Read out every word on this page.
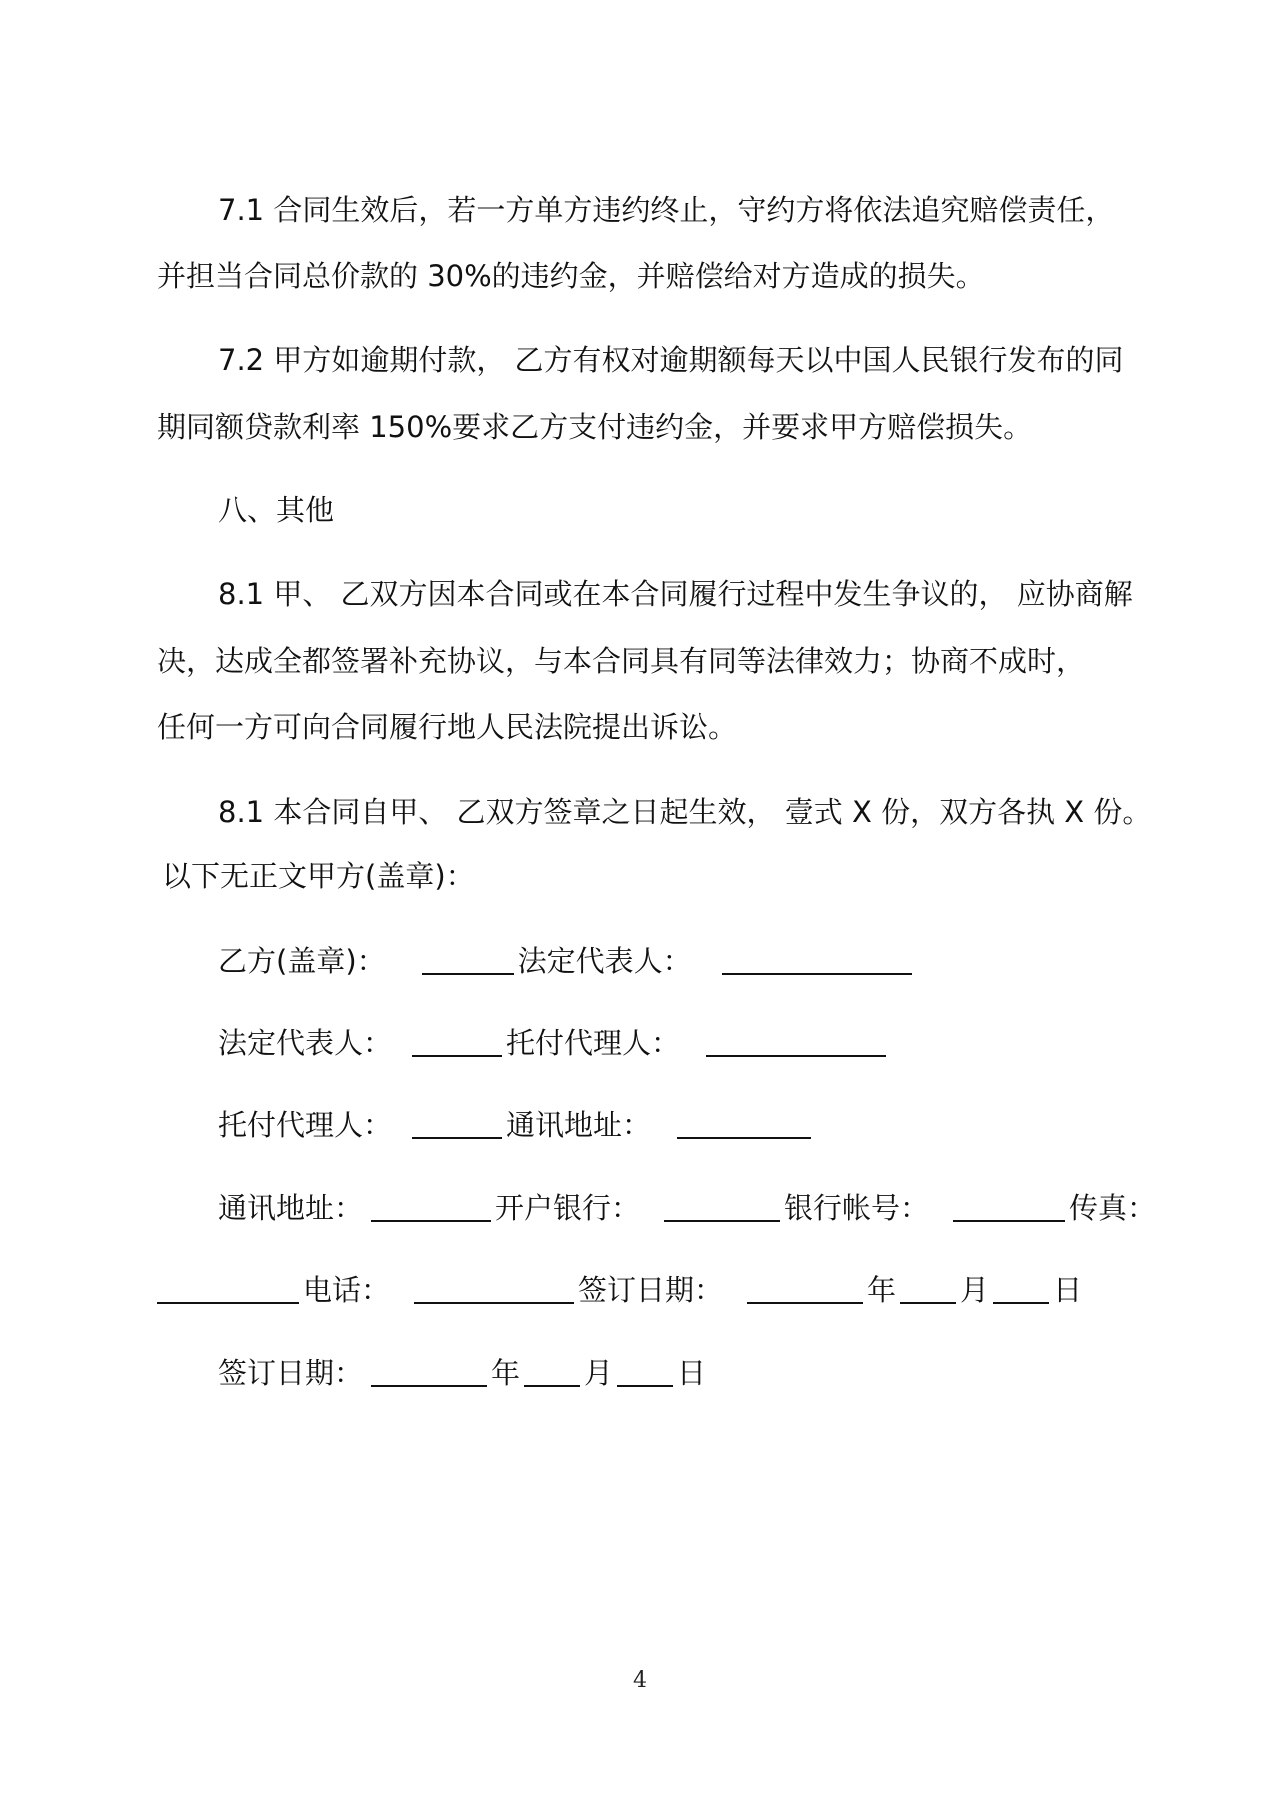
7.1 合同生效后，若一方单方违约终止，守约方将依法追究赔偿责任，
并担当合同总价款的 30%的违约金，并赔偿给对方造成的损失。
7.2 甲方如逾期付款， 乙方有权对逾期额每天以中国人民银行发布的同
期同额贷款利率 150%要求乙方支付违约金，并要求甲方赔偿损失。
八、其他
8.1 甲、 乙双方因本合同或在本合同履行过程中发生争议的， 应协商解
决，达成全都签署补充协议，与本合同具有同等法律效力；协商不成时，
任何一方可向合同履行地人民法院提出诉讼。
8.1 本合同自甲、 乙双方签章之日起生效， 壹式 X 份，双方各执 X 份。
以下无正文甲方(盖章)：
乙方(盖章)：	法定代表人：
法定代表人：	托付代理人：
托付代理人：	通讯地址：
通讯地址：	开户银行：	银行帐号：	传真：
电话：	签订日期：	年 月 日
签订日期：	年 月 日
4
